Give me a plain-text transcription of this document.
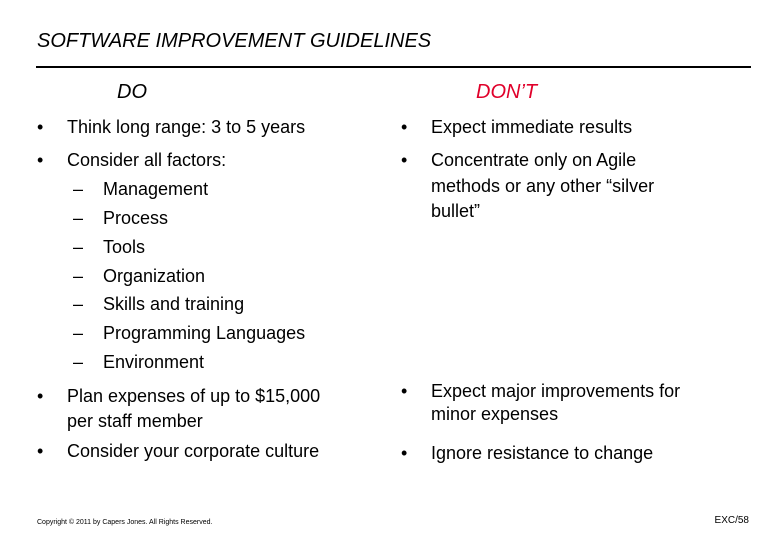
SOFTWARE IMPROVEMENT GUIDELINES
DO	DON’T
• Think long range: 3 to 5 years
• Consider all factors:
– Management
– Process
– Tools
– Organization
– Skills and training
– Programming Languages
– Environment
• Plan expenses of up to $15,000
per staff member
• Consider your corporate culture
• Expect immediate results
• Concentrate only on Agile
methods or any other “silver
bullet”
• Expect major improvements for
minor expenses
• Ignore resistance to change
Copyright © 2011 by Capers Jones. All Rights Reserved.	EXC/58
